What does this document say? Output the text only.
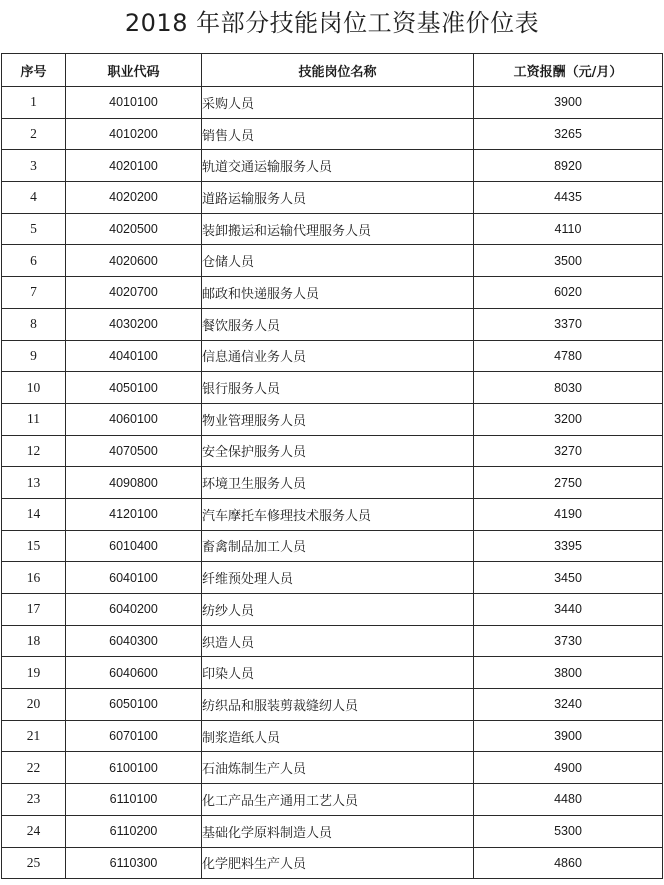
2018 年部分技能岗位工资基准价位表
序号	职业代码	技能岗位名称	工资报酬（元/月）
1	4010100	采购人员	3900
2	4010200	销售人员	3265
3	4020100	轨道交通运输服务人员	8920
4	4020200	道路运输服务人员	4435
5	4020500	装卸搬运和运输代理服务人员	4110
6	4020600	仓储人员	3500
7	4020700	邮政和快递服务人员	6020
8	4030200	餐饮服务人员	3370
9	4040100	信息通信业务人员	4780
10	4050100	银行服务人员	8030
11	4060100	物业管理服务人员	3200
12	4070500	安全保护服务人员	3270
13	4090800	环境卫生服务人员	2750
14	4120100	汽车摩托车修理技术服务人员	4190
15	6010400	畜禽制品加工人员	3395
16	6040100	纤维预处理人员	3450
17	6040200	纺纱人员	3440
18	6040300	织造人员	3730
19	6040600	印染人员	3800
20	6050100	纺织品和服装剪裁缝纫人员	3240
21	6070100	制浆造纸人员	3900
22	6100100	石油炼制生产人员	4900
23	6110100	化工产品生产通用工艺人员	4480
24	6110200	基础化学原料制造人员	5300
25	6110300	化学肥料生产人员	4860
